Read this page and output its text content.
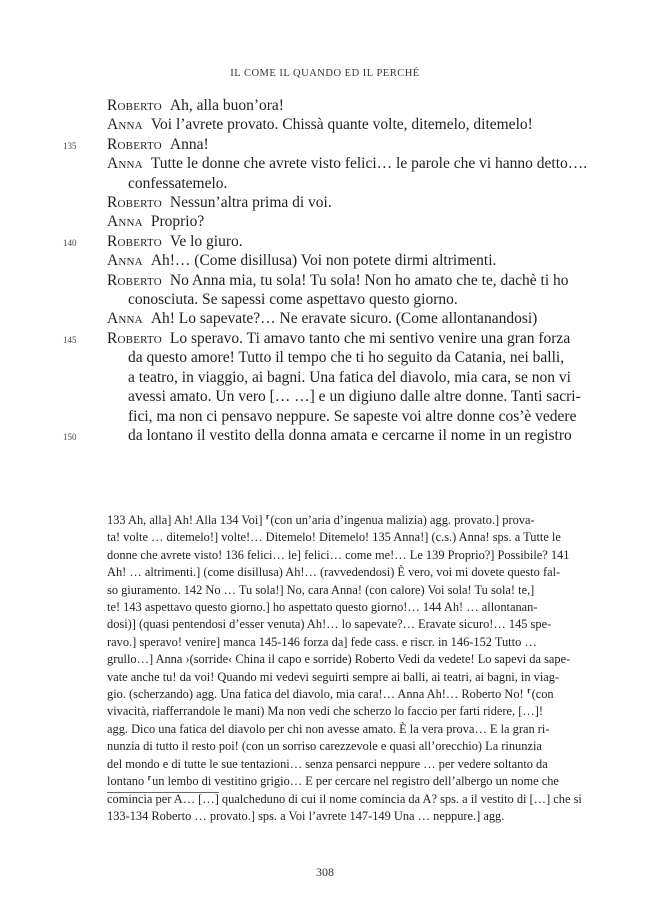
IL COME IL QUANDO ED IL PERCHÉ
Roberto Ah, alla buon’ora!
Anna Voi l’avrete provato. Chissà quante volte, ditemelo, ditemelo!
135 Roberto Anna!
Anna Tutte le donne che avrete visto felici… le parole che vi hanno detto….
confessatemelo.
Roberto Nessun’altra prima di voi.
Anna Proprio?
140 Roberto Ve lo giuro.
Anna Ah!… (Come disillusa) Voi non potete dirmi altrimenti.
Roberto No Anna mia, tu sola! Tu sola! Non ho amato che te, dachè ti ho
conosciuta. Se sapessi come aspettavo questo giorno.
Anna Ah! Lo sapevate?… Ne eravate sicuro. (Come allontanandosi)
145 Roberto Lo speravo. Ti amavo tanto che mi sentivo venire una gran forza
da questo amore! Tutto il tempo che ti ho seguito da Catania, nei balli,
a teatro, in viaggio, ai bagni. Una fatica del diavolo, mia cara, se non vi
avessi amato. Un vero [… …] e un digiuno dalle altre donne. Tanti sacri-
fici, ma non ci pensavo neppure. Se sapeste voi altre donne cos’è vedere
150	da lontano il vestito della donna amata e cercarne il nome in un registro
133 Ah, alla] Ah! Alla 134 Voi] ⸢(con un’aria d’ingenua malizia) agg. provato.] prova-
ta! volte … ditemelo!] volte!… Ditemelo! Ditemelo! 135 Anna!] (c.s.) Anna! sps. a Tutte le
donne che avrete visto! 136 felici… le] felici… come me!… Le 139 Proprio?] Possibile? 141
Ah! … altrimenti.] (come disillusa) Ah!… (ravvedendosi) È vero, voi mi dovete questo fal-
so giuramento. 142 No … Tu sola!] No, cara Anna! (con calore) Voi sola! Tu sola! te,]
te! 143 aspettavo questo giorno.] ho aspettato questo giorno!… 144 Ah! … allontanan-
dosi)] (quasi pentendosi d’esser venuta) Ah!… lo sapevate?… Eravate sicuro!… 145 spe-
ravo.] speravo! venire] manca 145-146 forza da] fede cass. e riscr. in 146-152 Tutto …
grullo…] Anna ›(sorride‹ China il capo e sorride) Roberto Vedi da vedete! Lo sapevi da sape-
vate anche tu! da voi! Quando mi vedevi seguirti sempre ai balli, ai teatri, ai bagni, in viag-
gio. (scherzando) agg. Una fatica del diavolo, mia cara!… Anna Ah!… Roberto No! ⸢(con
vivacità, riafferrandole le mani) Ma non vedi che scherzo lo faccio per farti ridere, […]!
agg. Dico una fatica del diavolo per chi non avesse amato. È la vera prova… E la gran ri-
nunzia di tutto il resto poi! (con un sorriso carezzevole e quasi all’orecchio) La rinunzia
del mondo e di tutte le sue tentazioni… senza pensarci neppure … per vedere soltanto da
lontano ⸢un lembo di vestitino grigio… E per cercare nel registro dell’albergo un nome che
comincia per A… […] qualcheduno di cui il nome comincia da A? sps. a il vestito di […] che si
133-134 Roberto … provato.] sps. a Voi l’avrete 147-149 Una … neppure.] agg.
308
